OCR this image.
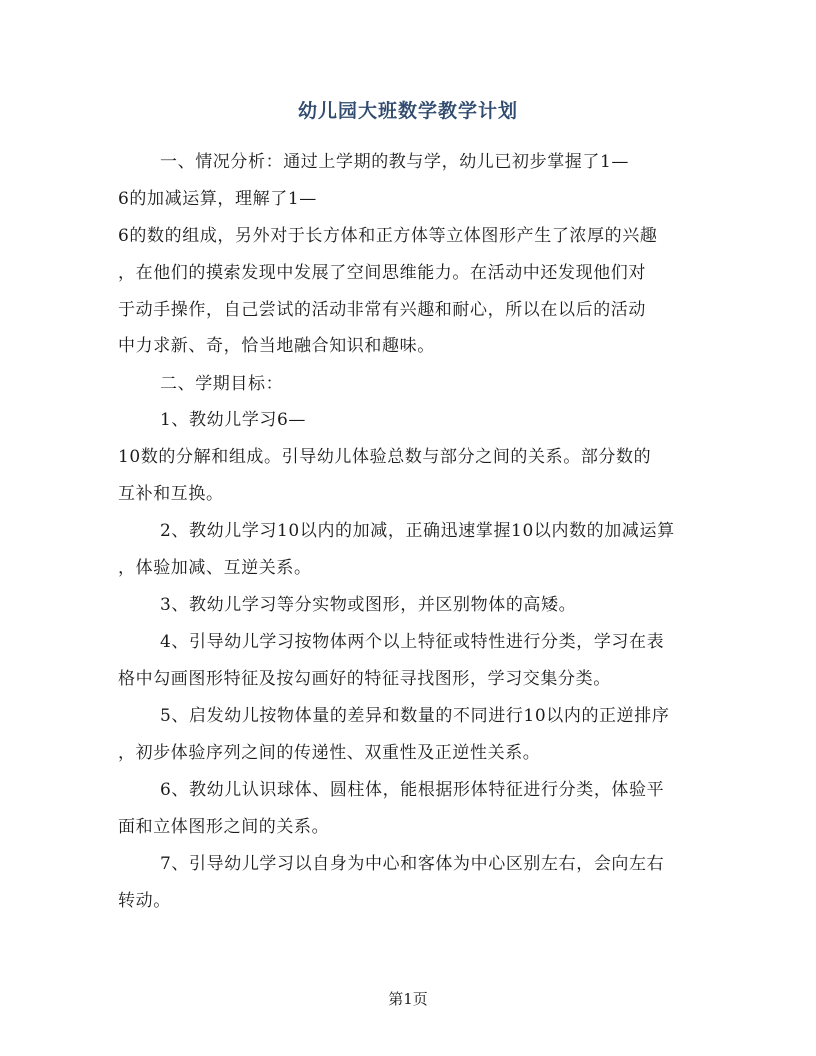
幼儿园大班数学教学计划
一、情况分析：通过上学期的教与学，幼儿已初步掌握了1—
6的加减运算，理解了1—
6的数的组成，另外对于长方体和正方体等立体图形产生了浓厚的兴趣
，在他们的摸索发现中发展了空间思维能力。在活动中还发现他们对
于动手操作，自己尝试的活动非常有兴趣和耐心，所以在以后的活动
中力求新、奇，恰当地融合知识和趣味。
二、学期目标：
1、教幼儿学习6—
10数的分解和组成。引导幼儿体验总数与部分之间的关系。部分数的
互补和互换。
2、教幼儿学习10以内的加减，正确迅速掌握10以内数的加减运算
，体验加减、互逆关系。
3、教幼儿学习等分实物或图形，并区别物体的高矮。
4、引导幼儿学习按物体两个以上特征或特性进行分类，学习在表
格中勾画图形特征及按勾画好的特征寻找图形，学习交集分类。
5、启发幼儿按物体量的差异和数量的不同进行10以内的正逆排序
，初步体验序列之间的传递性、双重性及正逆性关系。
6、教幼儿认识球体、圆柱体，能根据形体特征进行分类，体验平
面和立体图形之间的关系。
7、引导幼儿学习以自身为中心和客体为中心区别左右，会向左右
转动。
第1页
